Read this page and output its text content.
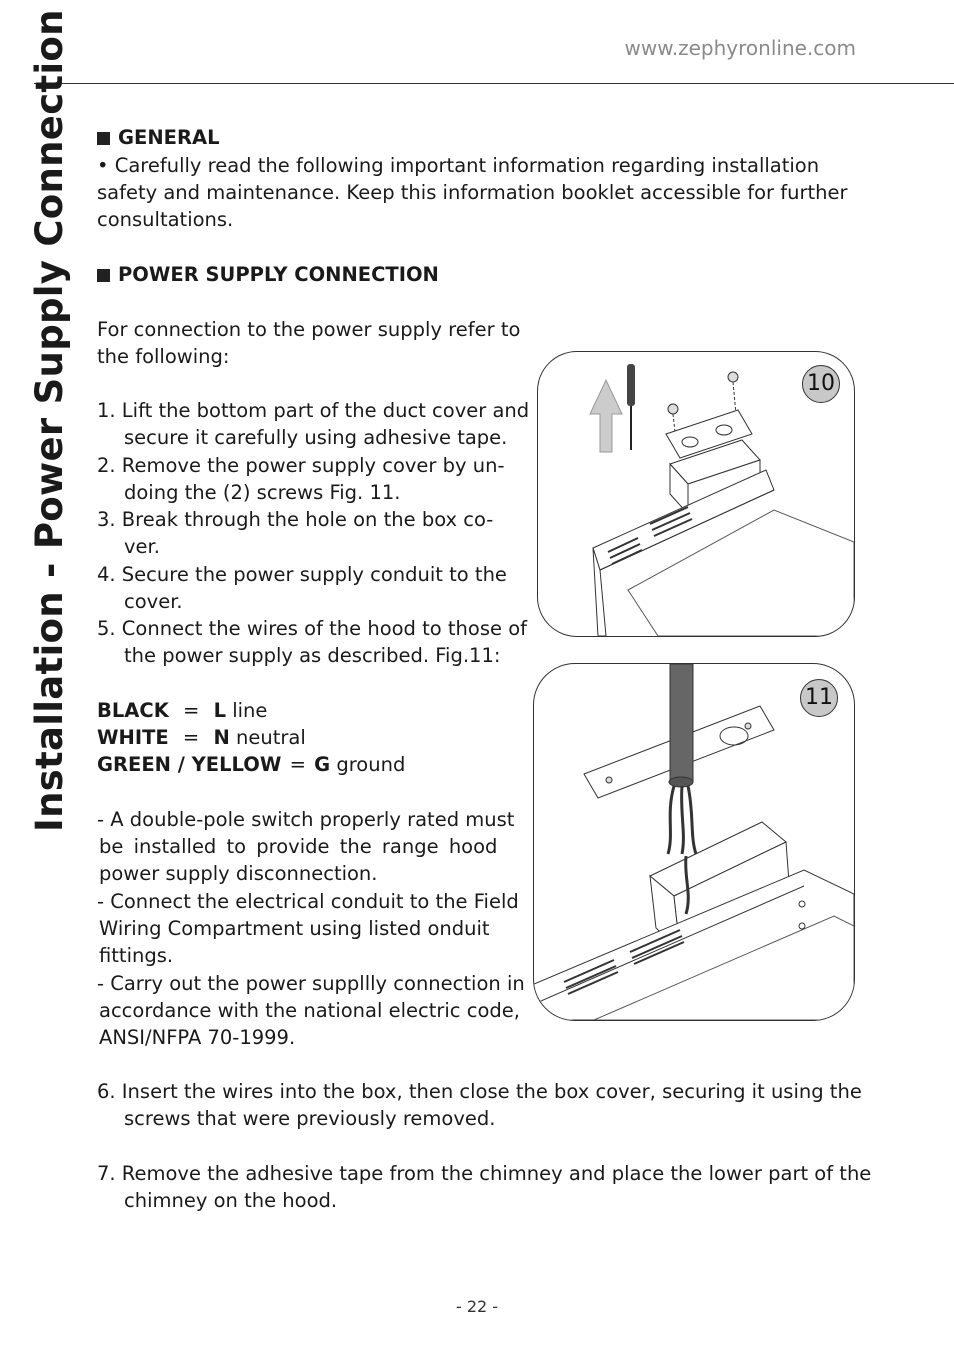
www.zephyronline.com
Installation - Power Supply Connection	GENERAL
• Carefully read the following important information regarding installation
safety and maintenance. Keep this information booklet accessible for further
consultations.
POWER SUPPLY CONNECTION
For connection to the power supply refer to
the following:
1. Lift the bottom part of the duct cover and
secure it carefully using adhesive tape.
2. Remove the power supply cover by un-
doing the (2) screws Fig. 11.
3. Break through the hole on the box co-
ver.
4. Secure the power supply conduit to the
cover.
5. Connect the wires of the hood to those of
the power supply as described. Fig.11:
BLACK = L line
WHITE = N neutral
GREEN / YELLOW = G ground
- A double-pole switch properly rated must
be installed to provide the range hood
power supply disconnection.
- Connect the electrical conduit to the Field
Wiring Compartment using listed onduit
fittings.
- Carry out the power suppllly connection in
accordance with the national electric code,
ANSI/NFPA 70-1999.
6. Insert the wires into the box, then close the box cover, securing it using the
screws that were previously removed.
7. Remove the adhesive tape from the chimney and place the lower part of the
chimney on the hood.
10
11
- 22 -
